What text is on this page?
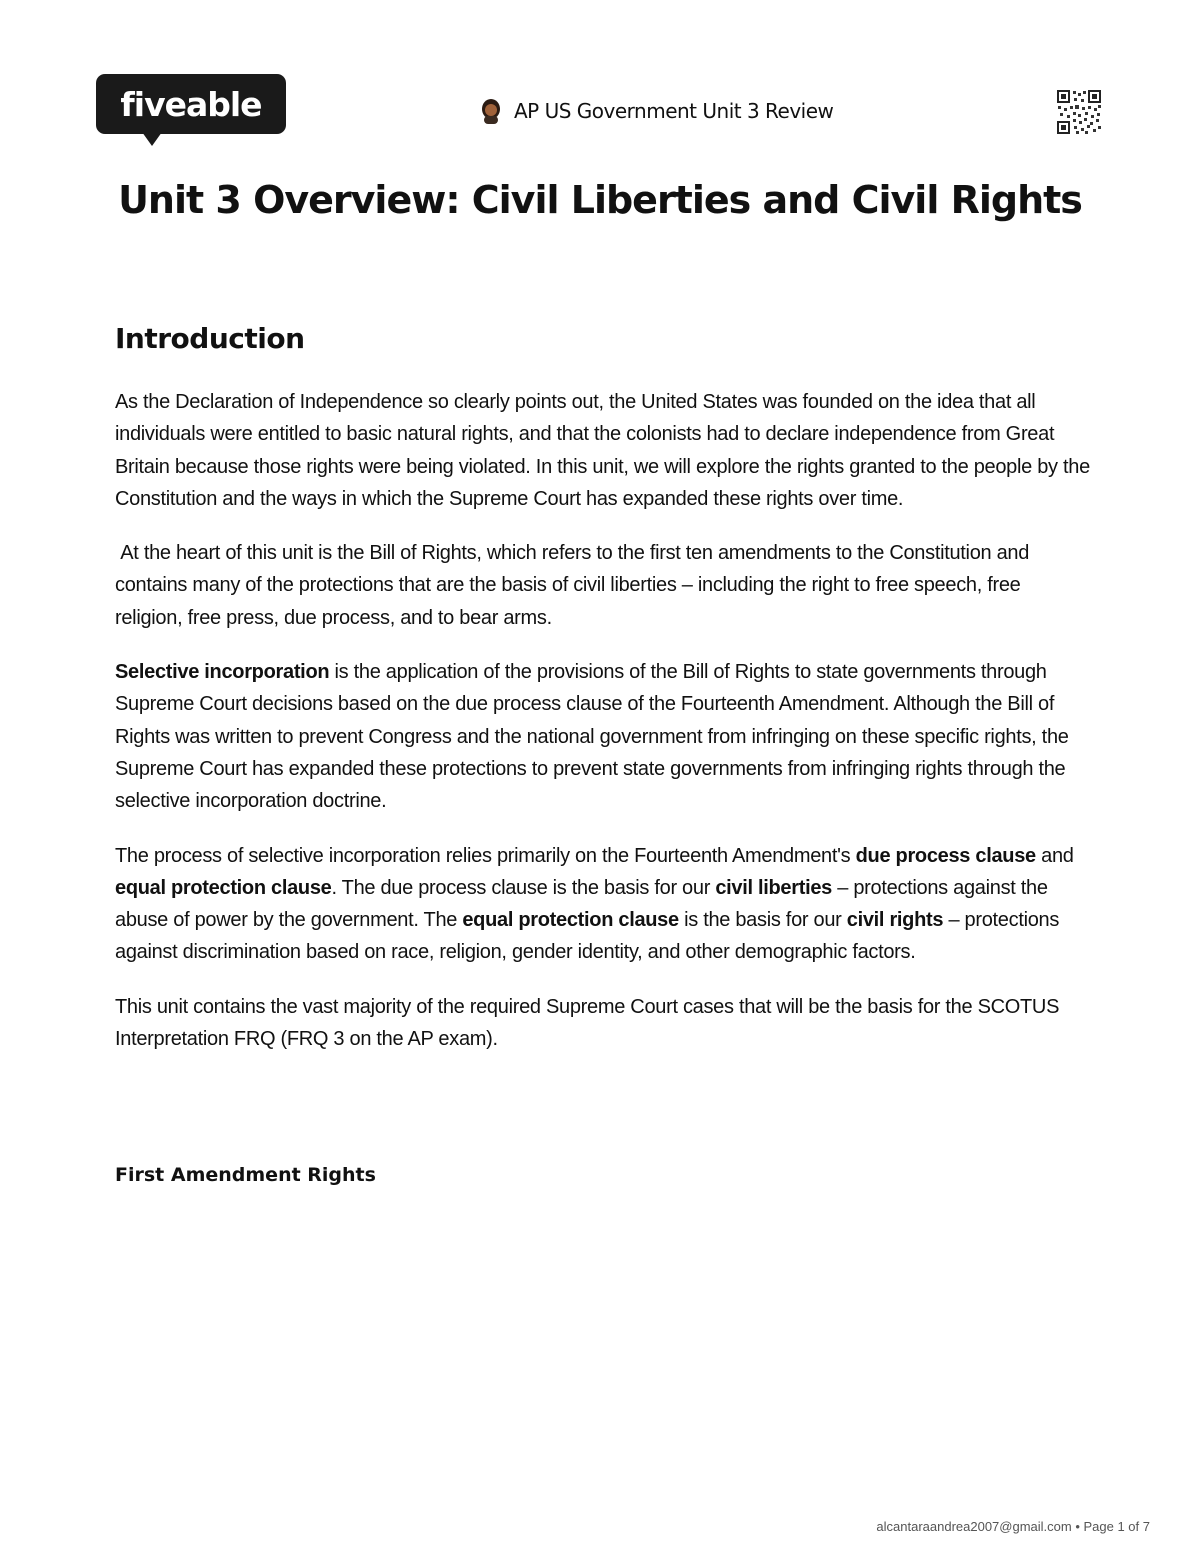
fiveable	AP US Government Unit 3 Review
Unit 3 Overview: Civil Liberties and Civil Rights
Introduction

As the Declaration of Independence so clearly points out, the United States was founded on the idea that all individuals were entitled to basic natural rights, and that the colonists had to declare independence from Great Britain because those rights were being violated. In this unit, we will explore the rights granted to the people by the Constitution and the ways in which the Supreme Court has expanded these rights over time.

At the heart of this unit is the Bill of Rights, which refers to the first ten amendments to the Constitution and contains many of the protections that are the basis of civil liberties – including the right to free speech, free religion, free press, due process, and to bear arms.

Selective incorporation is the application of the provisions of the Bill of Rights to state governments through Supreme Court decisions based on the due process clause of the Fourteenth Amendment. Although the Bill of Rights was written to prevent Congress and the national government from infringing on these specific rights, the Supreme Court has expanded these protections to prevent state governments from infringing rights through the selective incorporation doctrine.

The process of selective incorporation relies primarily on the Fourteenth Amendment's due process clause and equal protection clause. The due process clause is the basis for our civil liberties – protections against the abuse of power by the government. The equal protection clause is the basis for our civil rights – protections against discrimination based on race, religion, gender identity, and other demographic factors.

This unit contains the vast majority of the required Supreme Court cases that will be the basis for the SCOTUS Interpretation FRQ (FRQ 3 on the AP exam).

First Amendment Rights
alcantaraandrea2007@gmail.com • Page 1 of 7
